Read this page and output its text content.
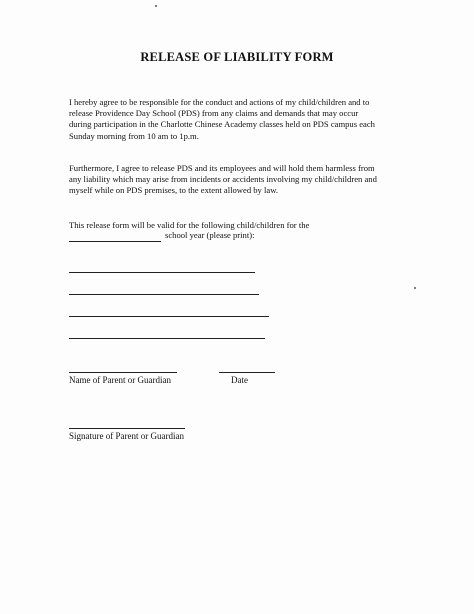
RELEASE OF LIABILITY FORM
I hereby agree to be responsible for the conduct and actions of my child/children and to
release Providence Day School (PDS) from any claims and demands that may occur
during participation in the Charlotte Chinese Academy classes held on PDS campus each
Sunday morning from 10 am to 1p.m.
Furthermore, I agree to release PDS and its employees and will hold them harmless from
any liability which may arise from incidents or accidents involving my child/children and
myself while on PDS premises, to the extent allowed by law.
This release form will be valid for the following child/children for the
school year (please print):
Name of Parent or Guardian	Date
Signature of Parent or Guardian
